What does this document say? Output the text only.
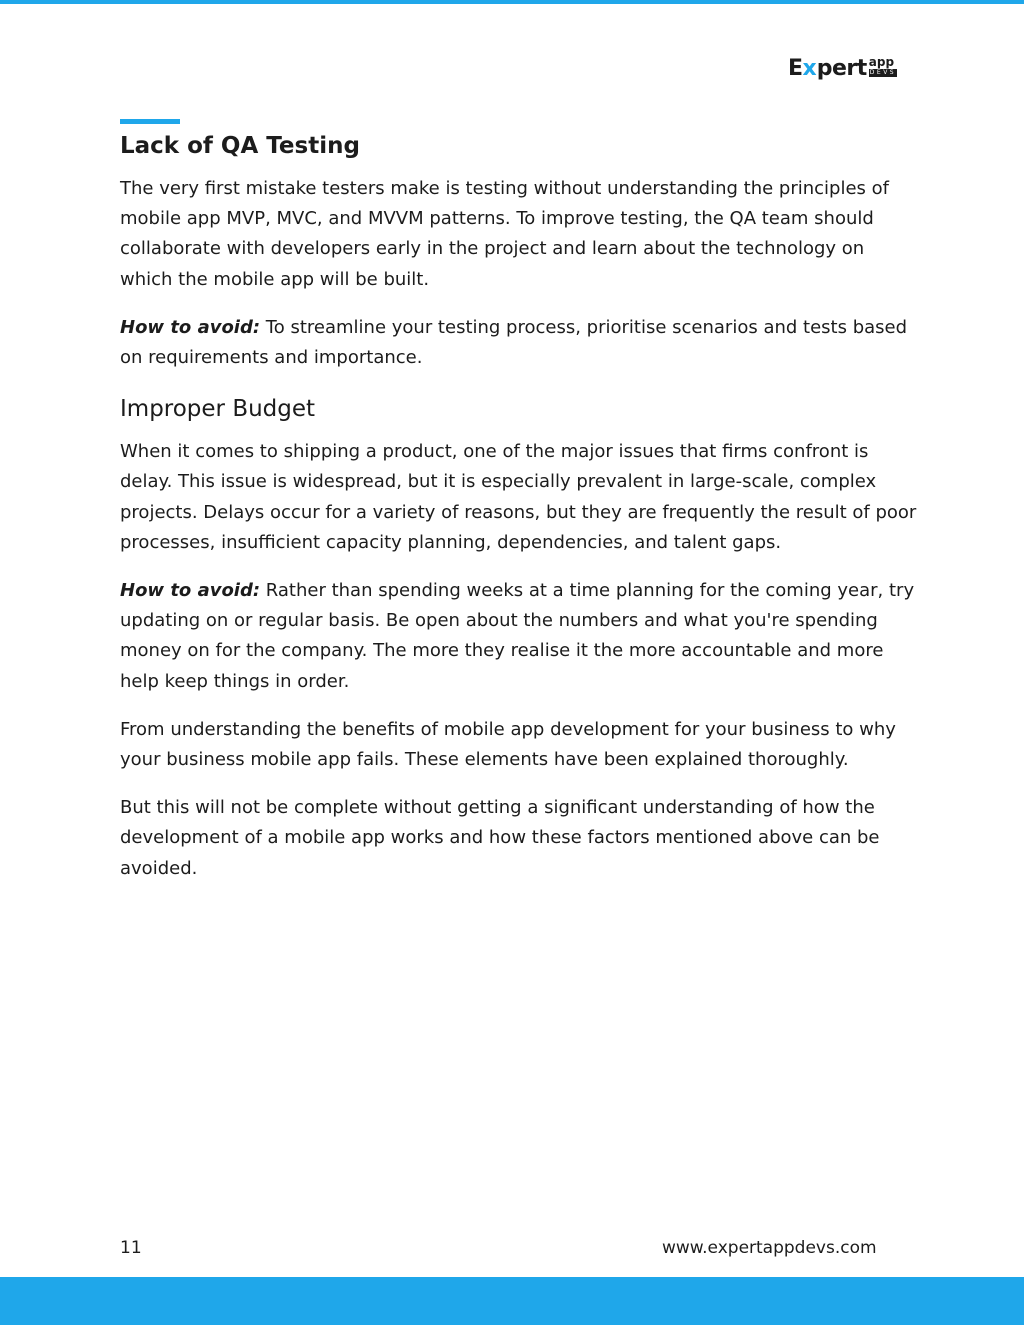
E x pert app
DEVS
Lack of QA Testing

The very first mistake testers make is testing without understanding the principles of mobile app MVP, MVC, and MVVM patterns. To improve testing, the QA team should collaborate with developers early in the project and learn about the technology on which the mobile app will be built.

How to avoid: To streamline your testing process, prioritise scenarios and tests based on requirements and importance.

Improper Budget

When it comes to shipping a product, one of the major issues that firms confront is delay. This issue is widespread, but it is especially prevalent in large-scale, complex projects. Delays occur for a variety of reasons, but they are frequently the result of poor processes, insufficient capacity planning, dependencies, and talent gaps.

How to avoid: Rather than spending weeks at a time planning for the coming year, try updating on or regular basis. Be open about the numbers and what you're spending money on for the company. The more they realise it the more accountable and more help keep things in order.

From understanding the benefits of mobile app development for your business to why your business mobile app fails. These elements have been explained thoroughly.

But this will not be complete without getting a significant understanding of how the development of a mobile app works and how these factors mentioned above can be avoided.

11	www.expertappdevs.com
